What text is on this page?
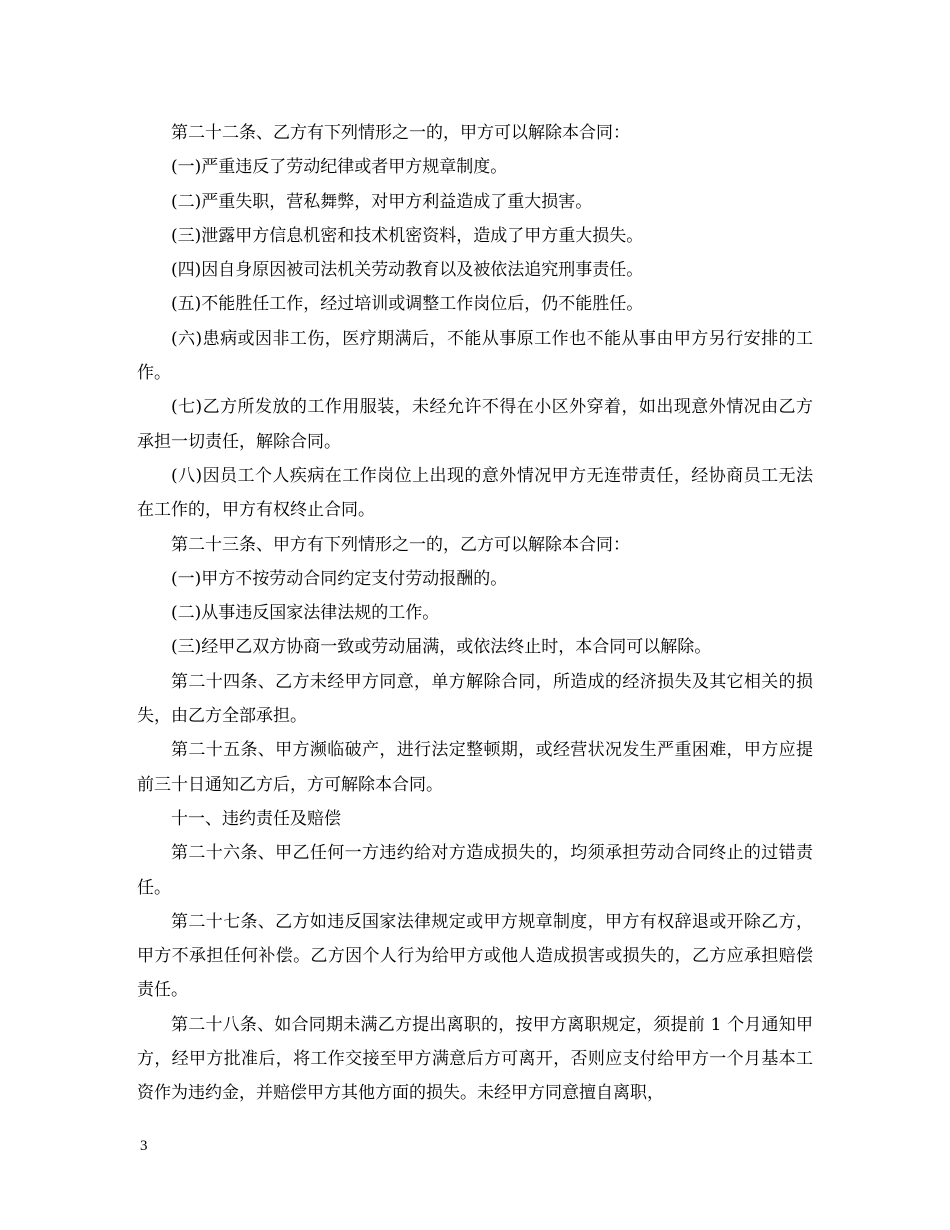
第二十二条、乙方有下列情形之一的，甲方可以解除本合同：

(一)严重违反了劳动纪律或者甲方规章制度。

(二)严重失职，营私舞弊，对甲方利益造成了重大损害。

(三)泄露甲方信息机密和技术机密资料，造成了甲方重大损失。

(四)因自身原因被司法机关劳动教育以及被依法追究刑事责任。

(五)不能胜任工作，经过培训或调整工作岗位后，仍不能胜任。

(六)患病或因非工伤，医疗期满后，不能从事原工作也不能从事由甲方另行安排的工作。

(七)乙方所发放的工作用服装，未经允许不得在小区外穿着，如出现意外情况由乙方承担一切责任，解除合同。

(八)因员工个人疾病在工作岗位上出现的意外情况甲方无连带责任，经协商员工无法在工作的，甲方有权终止合同。

第二十三条、甲方有下列情形之一的，乙方可以解除本合同：

(一)甲方不按劳动合同约定支付劳动报酬的。

(二)从事违反国家法律法规的工作。

(三)经甲乙双方协商一致或劳动届满，或依法终止时，本合同可以解除。

第二十四条、乙方未经甲方同意，单方解除合同，所造成的经济损失及其它相关的损失，由乙方全部承担。

第二十五条、甲方濒临破产，进行法定整顿期，或经营状况发生严重困难，甲方应提前三十日通知乙方后，方可解除本合同。

十一、违约责任及赔偿

第二十六条、甲乙任何一方违约给对方造成损失的，均须承担劳动合同终止的过错责任。

第二十七条、乙方如违反国家法律规定或甲方规章制度，甲方有权辞退或开除乙方，甲方不承担任何补偿。乙方因个人行为给甲方或他人造成损害或损失的，乙方应承担赔偿责任。

第二十八条、如合同期未满乙方提出离职的，按甲方离职规定，须提前 1 个月通知甲方，经甲方批准后，将工作交接至甲方满意后方可离开，否则应支付给甲方一个月基本工资作为违约金，并赔偿甲方其他方面的损失。未经甲方同意擅自离职，

3
